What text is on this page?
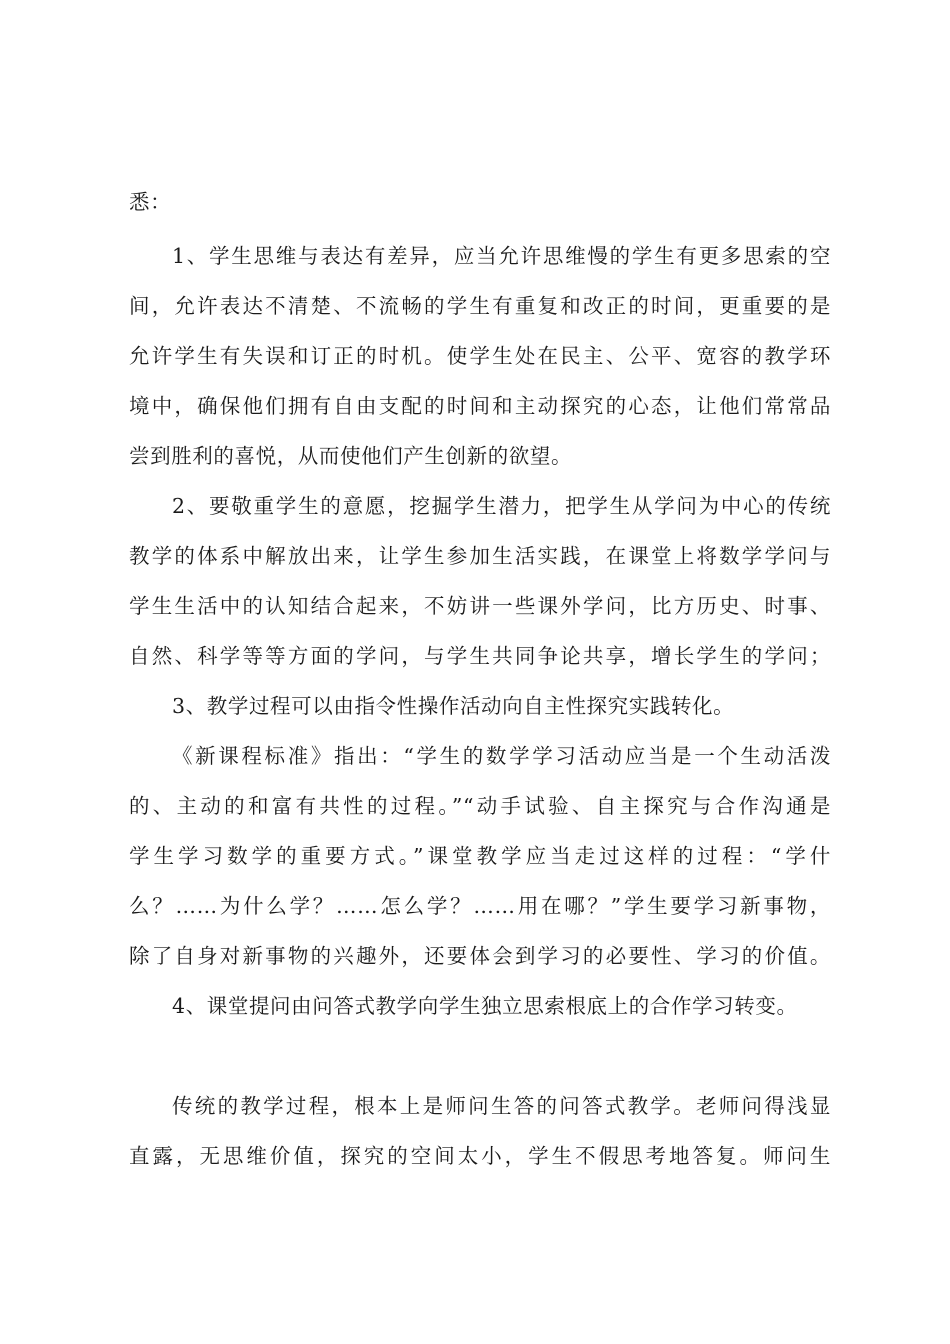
悉：
1、学生思维与表达有差异，应当允许思维慢的学生有更多思索的空
间，允许表达不清楚、不流畅的学生有重复和改正的时间，更重要的是
允许学生有失误和订正的时机。使学生处在民主、公平、宽容的教学环
境中，确保他们拥有自由支配的时间和主动探究的心态，让他们常常品
尝到胜利的喜悦，从而使他们产生创新的欲望。
2、要敬重学生的意愿，挖掘学生潜力，把学生从学问为中心的传统
教学的体系中解放出来，让学生参加生活实践，在课堂上将数学学问与
学生生活中的认知结合起来，不妨讲一些课外学问，比方历史、时事、
自然、科学等等方面的学问，与学生共同争论共享，增长学生的学问；
3、教学过程可以由指令性操作活动向自主性探究实践转化。
《新课程标准》指出：“学生的数学学习活动应当是一个生动活泼
的、主动的和富有共性的过程。”“动手试验、自主探究与合作沟通是
学生学习数学的重要方式。”课堂教学应当走过这样的过程：“学什
么？……为什么学？……怎么学？……用在哪？”学生要学习新事物，
除了自身对新事物的兴趣外，还要体会到学习的必要性、学习的价值。
4、课堂提问由问答式教学向学生独立思索根底上的合作学习转变。
传统的教学过程，根本上是师问生答的问答式教学。老师问得浅显
直露，无思维价值，探究的空间太小，学生不假思考地答复。师问生
